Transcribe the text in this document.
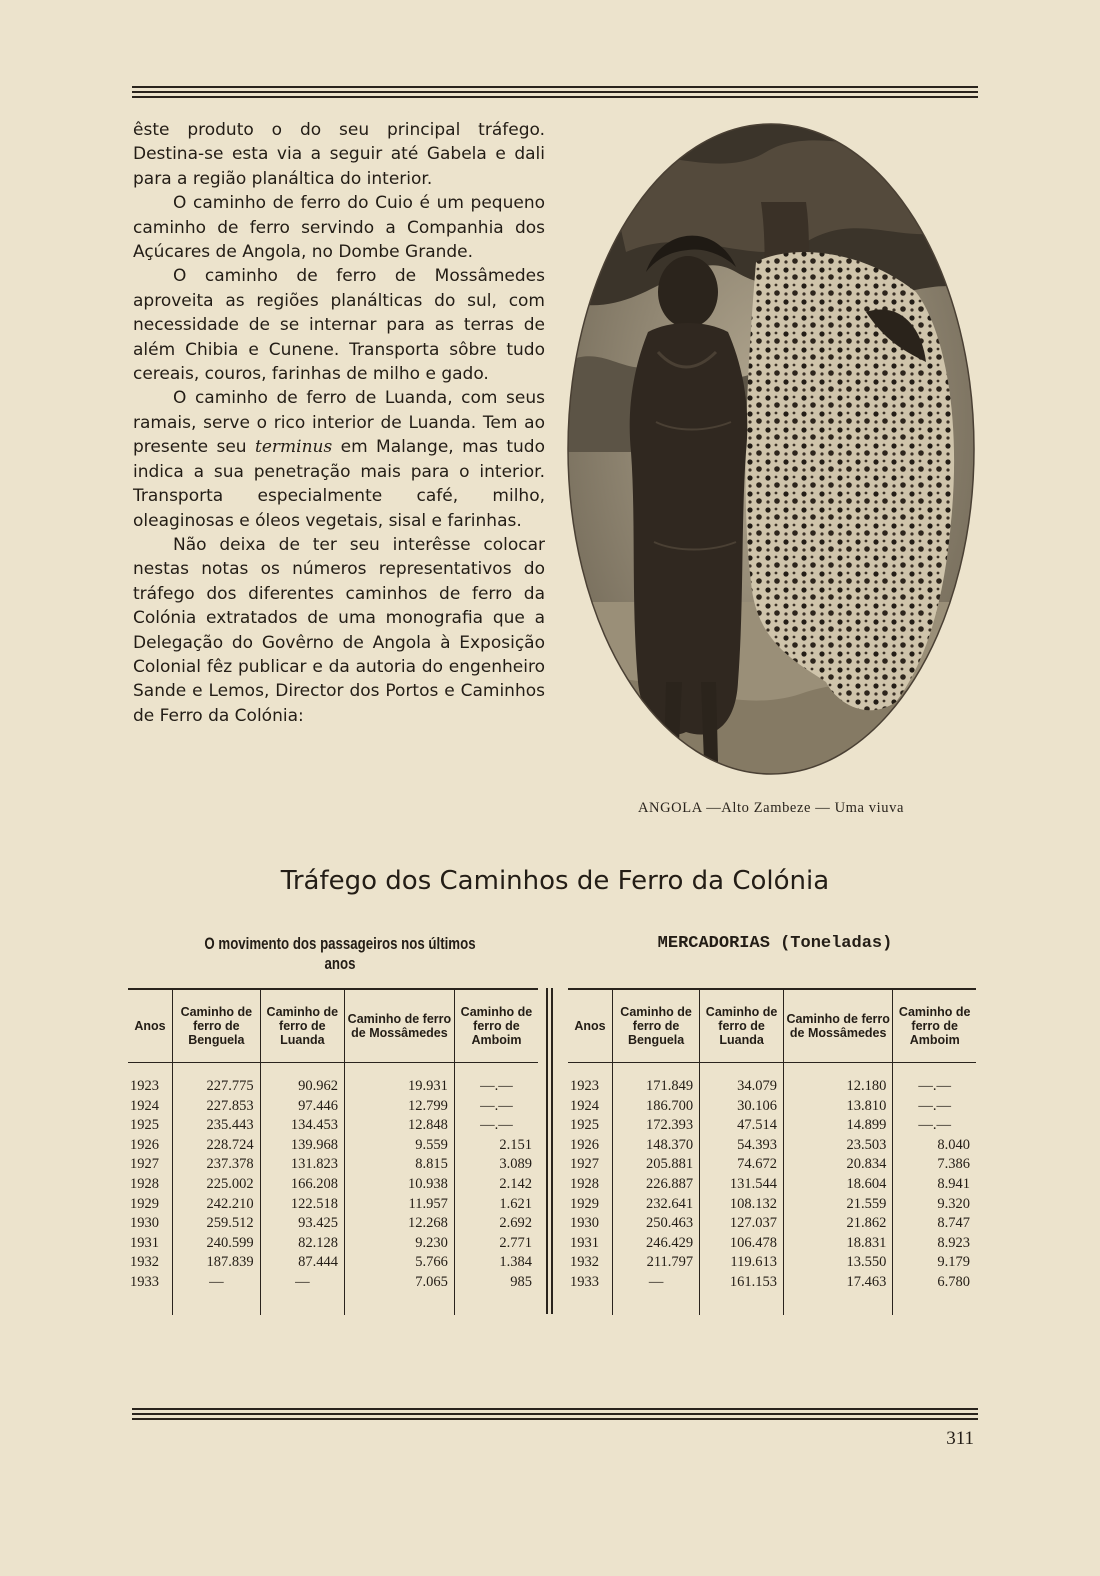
êste produto o do seu principal tráfego. Destina-se esta via a seguir até Gabela e dali para a região planáltica do interior.

O caminho de ferro do Cuio é um pequeno caminho de ferro servindo a Companhia dos Açúcares de Angola, no Dombe Grande.

O caminho de ferro de Mossâmedes aproveita as regiões planálticas do sul, com necessidade de se internar para as terras de além Chibia e Cunene. Transporta sôbre tudo cereais, couros, farinhas de milho e gado.

O caminho de ferro de Luanda, com seus ramais, serve o rico interior de Luanda. Tem ao presente seu terminus em Malange, mas tudo indica a sua penetração mais para o interior. Transporta especialmente café, milho, oleaginosas e óleos vegetais, sisal e farinhas.

Não deixa de ter seu interêsse colocar nestas notas os números representativos do tráfego dos diferentes caminhos de ferro da Colónia extratados de uma monografia que a Delegação do Govêrno de Angola à Exposição Colonial fêz publicar e da autoria do engenheiro Sande e Lemos, Director dos Portos e Caminhos de Ferro da Colónia:

ANGOLA —Alto Zambeze — Uma viuva
Tráfego dos Caminhos de Ferro da Colónia
O movimento dos passageiros nos últimos anos
MERCADORIAS (Toneladas)
Anos	Caminho de ferro de Benguela	Caminho de ferro de Luanda	Caminho de ferro de Mossâmedes	Caminho de ferro de Amboim

1923	227.775	90.962	19.931	—.—
1924	227.853	97.446	12.799	—.—
1925	235.443	134.453	12.848	—.—
1926	228.724	139.968	9.559	2.151
1927	237.378	131.823	8.815	3.089
1928	225.002	166.208	10.938	2.142
1929	242.210	122.518	11.957	1.621
1930	259.512	93.425	12.268	2.692
1931	240.599	82.128	9.230	2.771
1932	187.839	87.444	5.766	1.384
1933	—	—	7.065	985

Anos	Caminho de ferro de Benguela	Caminho de ferro de Luanda	Caminho de ferro de Mossâmedes	Caminho de ferro de Amboim

1923	171.849	34.079	12.180	—.—
1924	186.700	30.106	13.810	—.—
1925	172.393	47.514	14.899	—.—
1926	148.370	54.393	23.503	8.040
1927	205.881	74.672	20.834	7.386
1928	226.887	131.544	18.604	8.941
1929	232.641	108.132	21.559	9.320
1930	250.463	127.037	21.862	8.747
1931	246.429	106.478	18.831	8.923
1932	211.797	119.613	13.550	9.179
1933	—	161.153	17.463	6.780

311
